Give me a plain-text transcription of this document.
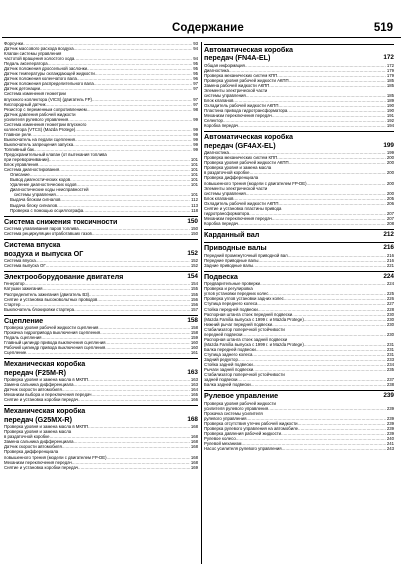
Содержание	519
Форсунки .....	93
Датчик массового расхода воздуха .....	94
Клапан системы управления
частотой вращения холостого хода .....	94
Педаль акселератора .....	95
Датчик положения дроссельной заслонки .....	95
Датчик температуры охлаждающей жидкости .....	95
Датчик положения коленчатого вала .....	96
Датчик положения распределительного вала .....	97
Датчик детонации .....	97
Система изменения геометрии
впускного коллектора (VICS) (двигатель FP) .....	97
Кислородный датчик .....	97
Резистор с переменным сопротивлением .....	98
Датчик давления рабочей жидкости
усилителя рулевого управления .....	99
Система изменения геометрии впускного
коллектора (VTCS) (Mazda Protege) .....	99
Главное реле .....	99
Выключатель на педали сцепления .....	99
Выключатель запрещения запуска .....	99
Топливный бак .....	99
Предохранительный клапан (от вытекания топлива
при переворачивании) .....	101
Блок управления .....	101
Система диагностирования .....	101
Описание .....	101
Вывод диагностических кодов .....	101
Удаление диагностических кодов .....	101
Диагностические коды неисправностей
системы управления .....	101
Выдача блоком сигналов .....	112
Выдача блоку сигналов .....	113
Проверка с помощью осциллографа .....	118
Система снижения токсичности	150
Система улавливания паров топлива .....	150
Система рециркуляции отработавших газов .....	150
Система впуска
воздуха и выпуска ОГ	152
Система впуска .....	152
Система выпуска ОГ .....	152
Электрооборудование двигателя	154
Генератор .....	154
Катушки зажигания .....	155
Распределитель зажигания (двигатель B3) .....	155
Снятие и установка высоковольтных проводов .....	156
Стартер .....	156
Выключатель блокировки стартера .....	157
Сцепление	158
Проверка уровня рабочей жидкости сцепления .....	158
Прокачка гидропривода выключения сцепления .....	158
Педаль сцепления .....	159
Главный цилиндр привода выключения сцепления .....	160
Рабочий цилиндр привода выключения сцепления .....	160
Сцепление .....	161
Механическая коробка
передач (F25M-R)	163
Проверка уровня и замена масла в МКПП .....	163
Замена сальника дифференциала .....	163
Датчик скорости автомобиля .....	164
Механизм выбора и переключения передач .....	165
Снятие и установка коробки передач .....	166
Механическая коробка
передач (G25MX-R)	168
Проверка уровня и замена масла в МКПП .....	168
Проверка уровня и замена масла
в раздаточной коробке .....	168
Замена сальника дифференциала .....	168
Датчик скорости автомобиля .....	168
Проверка дифференциала
повышенного трения (модели с двигателем FP-DE) .....	168
Механизм переключения передач .....	168
Снятие и установка коробки передач .....	169
Автоматическая коробка
передач (FN4A-EL)	172
Общая информация .....	172
Диагностика .....	179
Проверка механических систем КПП .....	179
Проверка уровня рабочей жидкости АКПП .....	185
Замена рабочей жидкости АКПП .....	185
Элементы электрической части
системы управления .....	185
Блок клапанов .....	189
Охладитель рабочей жидкости АКПП .....	190
Пластина привода гидротрансформатора .....	190
Механизм переключения передач .....	191
Селектор .....	192
Коробка передач .....	194
Автоматическая коробка
передач (GF4AX-EL)	199
Диагностика .....	199
Проверка механических систем КПП .....	200
Проверка уровня рабочей жидкости АКПП .....	200
Проверка уровня и замена масла
в раздаточной коробке .....	200
Проверка дифференциала
повышенного трения (модели с двигателем FP-DE) .....	200
Элементы электрической части
системы управления .....	200
Блок клапанов .....	205
Охладитель рабочей жидкости АКПП .....	206
Снятие и установка пластины привода
гидротрансформатора .....	207
Механизм переключения передач .....	207
Коробка передач .....	208
Карданный вал	212
Приводные валы	216
Передний промежуточный приводной вал .....	216
Передние приводные валы .....	216
Задние приводные валы .....	221
Подвеска	224
Предварительные проверки .....	224
Проверка и регулировка
углов установки передних колес .....	225
Проверка углов установки задних колес .....	226
Ступица переднего колеса .....	227
Стойка передней подвески .....	228
Распорная штанга стоек передней подвески .....	230
(Mazda Familia выпуска с 1999 г. и Mazda Protege) .....	230
Нижний рычаг передней подвески .....	230
Стабилизатор поперечной устойчивости
передней подвески .....	230
Распорная штанга стоек задней подвески
(Mazda Familia выпуска с 1999 г. и Mazda Protege) .....	231
Балка передней подвески .....	231
Ступица заднего колеса .....	231
Задний редуктор .....	233
Стойка задней подвески .....	234
Рычаги задней подвески .....	235
Стабилизатор поперечной устойчивости
задней подвески .....	237
Балка задней подвески .....	238
Рулевое управление	239
Проверка уровня рабочей жидкости
усилителя рулевого управления .....	239
Прокачка системы усилителя
рулевого управления .....	239
Проверка отсутствия утечек рабочей жидкости .....	239
Проверка рулевого управления на автомобиле .....	239
Проверка давления рабочей жидкости .....	239
Рулевое колесо .....	240
Рулевой механизм .....	241
Насос усилителя рулевого управления .....	243
